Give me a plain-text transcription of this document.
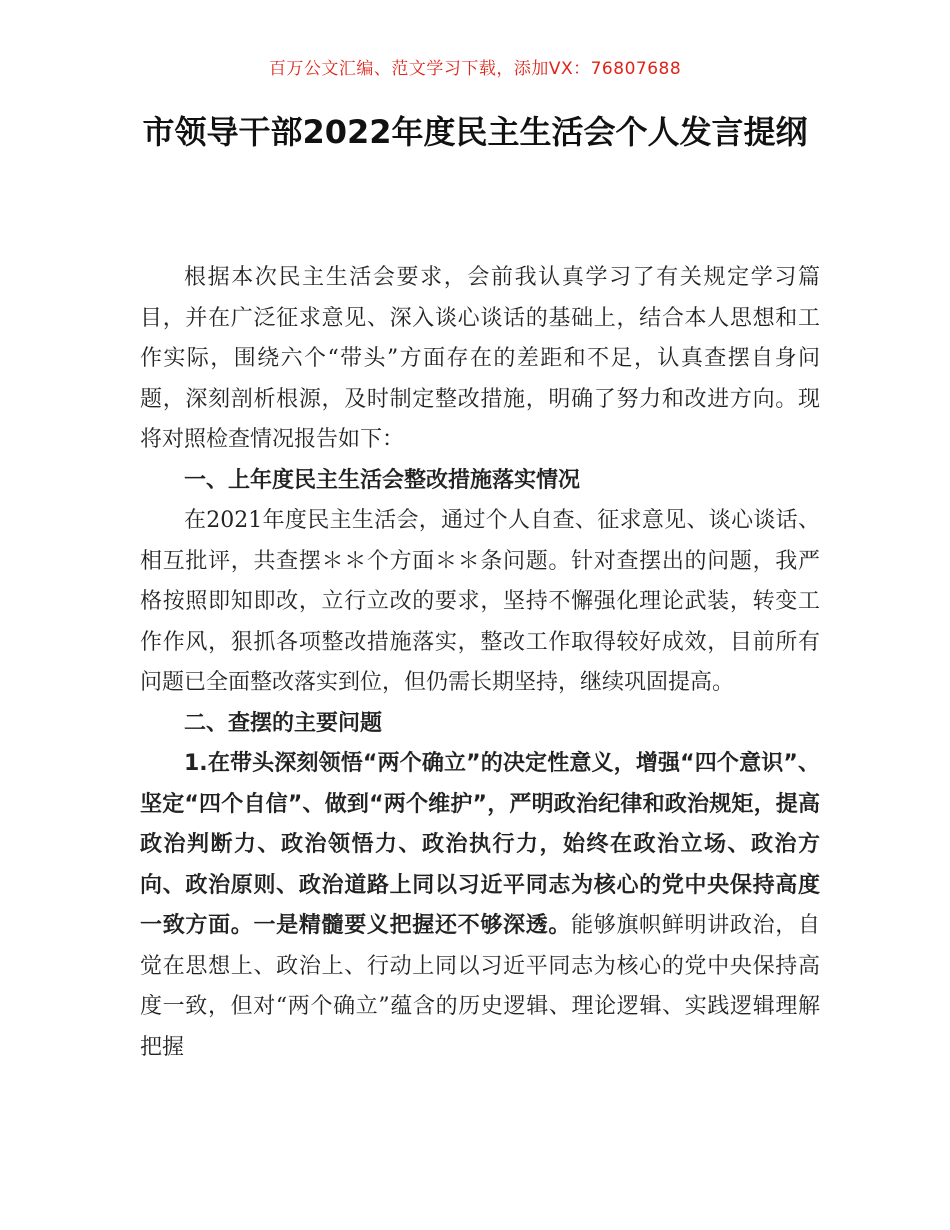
百万公文汇编、范文学习下载，添加VX：76807688

市领导干部2022年度民主生活会个人发言提纲

根据本次民主生活会要求，会前我认真学习了有关规定学习篇目，并在广泛征求意见、深入谈心谈话的基础上，结合本人思想和工作实际，围绕六个“带头”方面存在的差距和不足，认真查摆自身问题，深刻剖析根源，及时制定整改措施，明确了努力和改进方向。现将对照检查情况报告如下：

一、上年度民主生活会整改措施落实情况

在2021年度民主生活会，通过个人自查、征求意见、谈心谈话、相互批评，共查摆＊＊个方面＊＊条问题。针对查摆出的问题，我严格按照即知即改，立行立改的要求，坚持不懈强化理论武装，转变工作作风，狠抓各项整改措施落实，整改工作取得较好成效，目前所有问题已全面整改落实到位，但仍需长期坚持，继续巩固提高。

二、查摆的主要问题

1.在带头深刻领悟“两个确立”的决定性意义，增强“四个意识”、坚定“四个自信”、做到“两个维护”，严明政治纪律和政治规矩，提高政治判断力、政治领悟力、政治执行力，始终在政治立场、政治方向、政治原则、政治道路上同以习近平同志为核心的党中央保持高度一致方面。一是精髓要义把握还不够深透。能够旗帜鲜明讲政治，自觉在思想上、政治上、行动上同以习近平同志为核心的党中央保持高度一致，但对“两个确立”蕴含的历史逻辑、理论逻辑、实践逻辑理解把握
